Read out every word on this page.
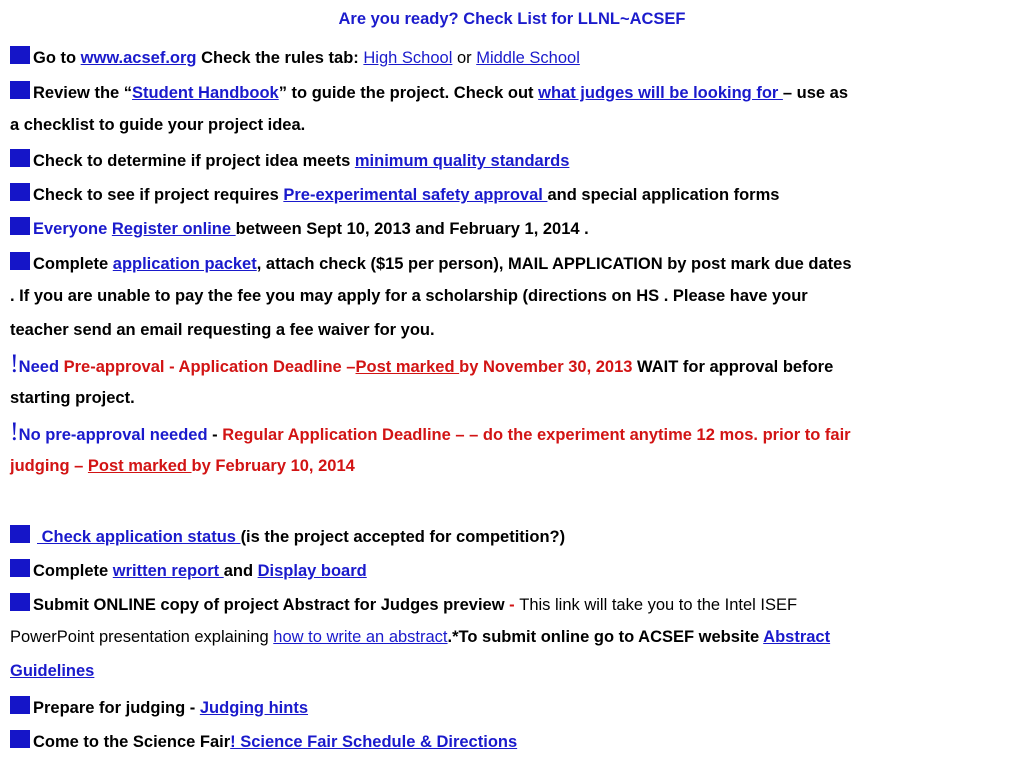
Are you ready? Check List for LLNL~ACSEF
Go to www.acsef.org Check the rules tab: High School or Middle School
Review the “Student Handbook” to guide the project. Check out what judges will be looking for – use as
a checklist to guide your project idea.
Check to determine if project idea meets minimum quality standards
Check to see if project requires Pre-experimental safety approval and special application forms
Everyone Register online between Sept 10, 2013 and February 1, 2014 .
Complete application packet, attach check ($15 per person), MAIL APPLICATION by post mark due dates
. If you are unable to pay the fee you may apply for a scholarship (directions on HS . Please have your
teacher send an email requesting a fee waiver for you.
!Need Pre-approval - Application Deadline –Post marked by November 30, 2013 WAIT for approval before
starting project.
!No pre-approval needed - Regular Application Deadline – – do the experiment anytime 12 mos. prior to fair
judging – Post marked by February 10, 2014
Check application status (is the project accepted for competition?)
Complete written report and Display board
Submit ONLINE copy of project Abstract for Judges preview - This link will take you to the Intel ISEF
PowerPoint presentation explaining how to write an abstract.*To submit online go to ACSEF website Abstract
Guidelines
Prepare for judging - Judging hints
Come to the Science Fair! Science Fair Schedule & Directions
